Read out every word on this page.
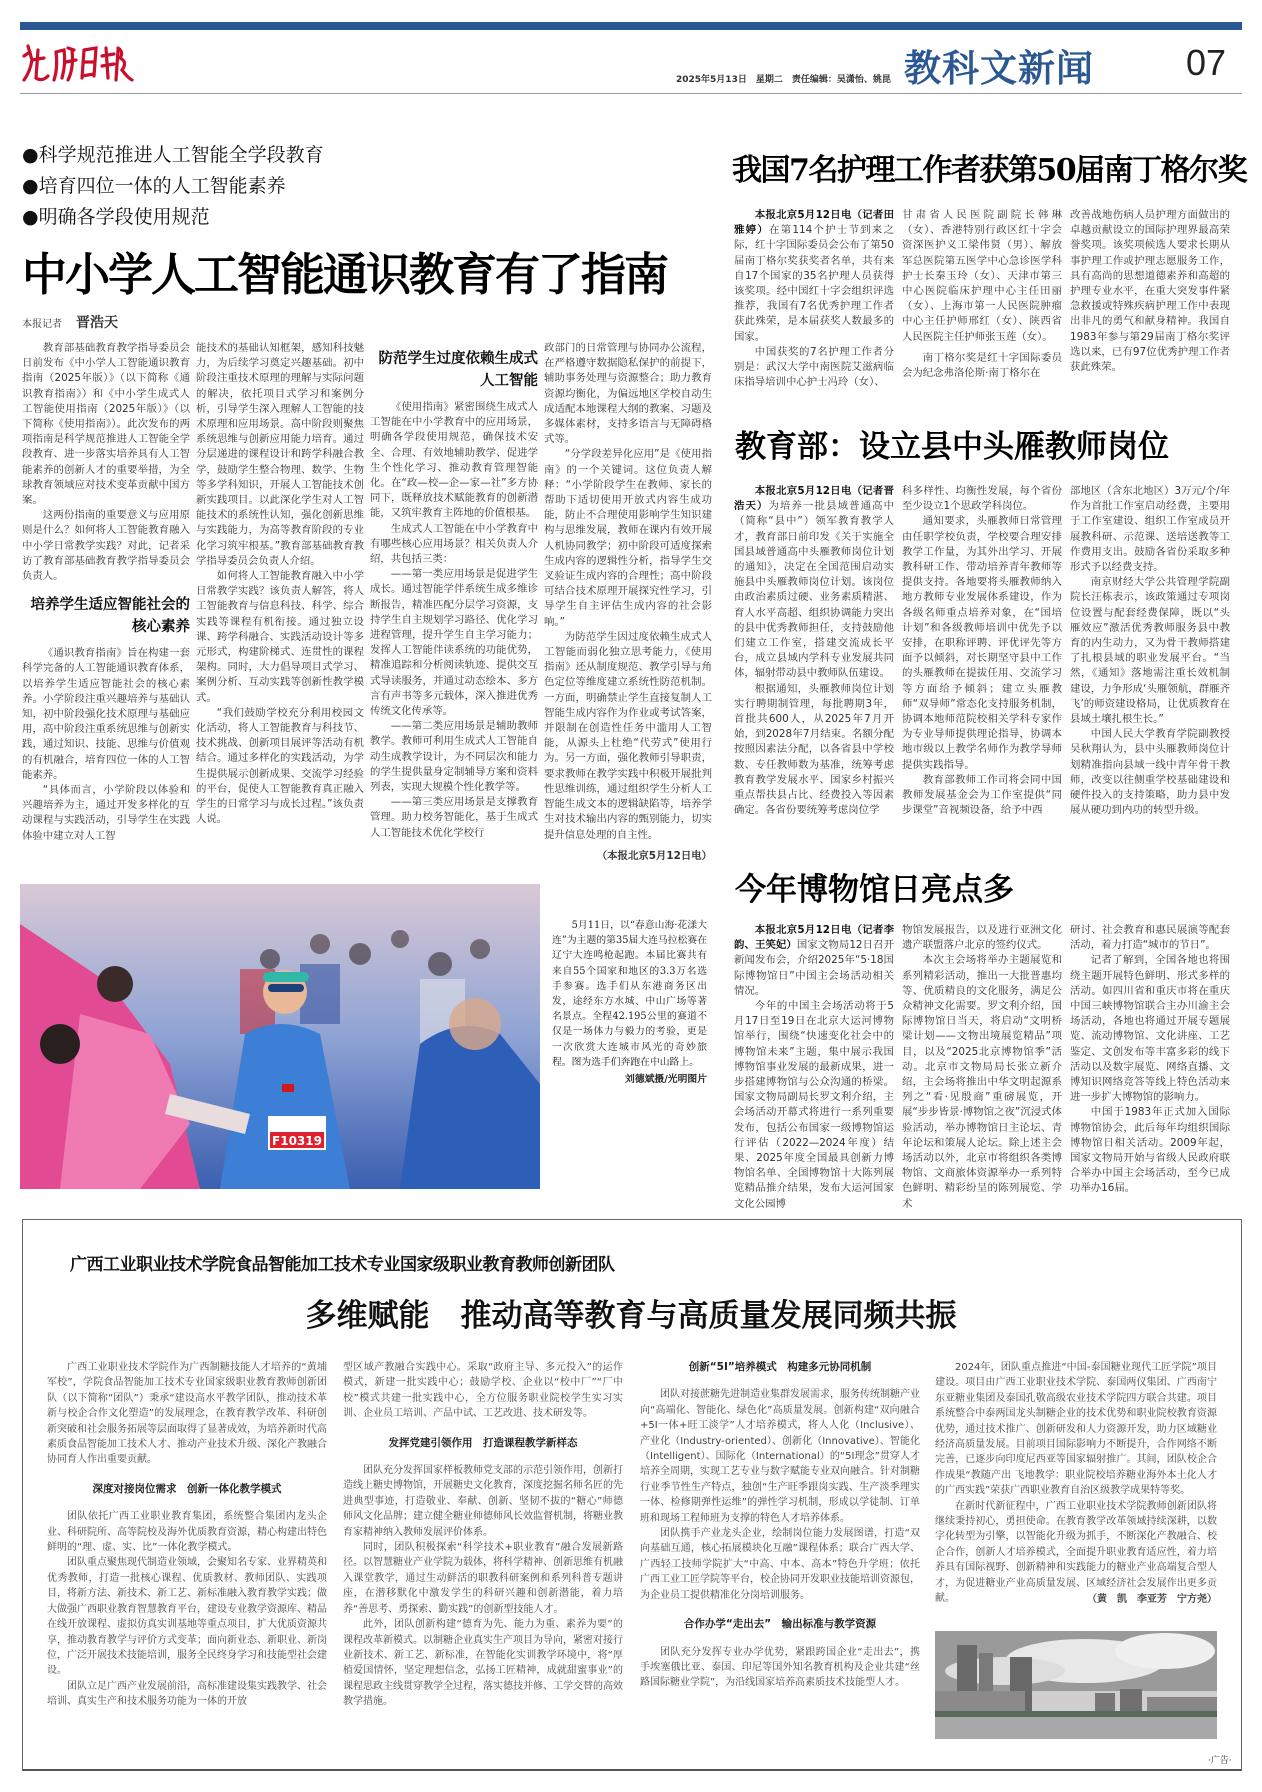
2025年5月13日　星期二　责任编辑：吴潇怡、姚昆 教科文新闻	07
●科学规范推进人工智能全学段教育
●培育四位一体的人工智能素养
●明确各学段使用规范
中小学人工智能通识教育有了指南
本报记者 晋浩天

教育部基础教育教学指导委员会日前发布《中小学人工智能通识教育指南（2025年版）》（以下简称《通识教育指南》）和《中小学生成式人工智能使用指南（2025年版）》（以下简称《使用指南》）。此次发布的两项指南是科学规范推进人工智能全学段教育、进一步落实培养具有人工智能素养的创新人才的重要举措，为全球教育领域应对技术变革贡献中国方案。

这两份指南的重要意义与应用原则是什么？如何将人工智能教育融入中小学日常教学实践？对此，记者采访了教育部基础教育教学指导委员会负责人。

培养学生适应智能社会的核心素养

《通识教育指南》旨在构建一套科学完备的人工智能通识教育体系，以培养学生适应智能社会的核心素养。小学阶段注重兴趣培养与基础认知，初中阶段强化技术原理与基础应用，高中阶段注重系统思维与创新实践，通过知识、技能、思维与价值观的有机融合，培育四位一体的人工智能素养。

“具体而言，小学阶段以体验和兴趣培养为主，通过开发多样化的互动课程与实践活动，引导学生在实践体验中建立对人工智

能技术的基础认知框架，感知科技魅力，为后续学习奠定兴趣基础。初中阶段注重技术原理的理解与实际问题的解决，依托项目式学习和案例分析，引导学生深入理解人工智能的技术原理和应用场景。高中阶段则聚焦系统思维与创新应用能力培育。通过分层递进的课程设计和跨学科融合教学，鼓励学生整合物理、数学、生物等多学科知识，开展人工智能技术创新实践项目。以此深化学生对人工智能技术的系统性认知，强化创新思维与实践能力，为高等教育阶段的专业化学习筑牢根基。”教育部基础教育教学指导委员会负责人介绍。

如何将人工智能教育融入中小学日常教学实践？该负责人解答，将人工智能教育与信息科技、科学、综合实践等课程有机衔接。通过独立设课、跨学科融合、实践活动设计等多元形式，构建阶梯式、连贯性的课程架构。同时，大力倡导项目式学习、案例分析、互动实践等创新性教学模式。

“我们鼓励学校充分利用校园文化活动，将人工智能教育与科技节、技术挑战、创新项目展评等活动有机结合。通过多样化的实践活动，为学生提供展示创新成果、交流学习经验的平台，促使人工智能教育真正融入学生的日常学习与成长过程。”该负责人说。

防范学生过度依赖生成式人工智能

《使用指南》紧密围绕生成式人工智能在中小学教育中的应用场景，明确各学段使用规范，确保技术安全、合理、有效地辅助教学、促进学生个性化学习、推动教育管理智能化。在“政—校—企—家—社”多方协同下，既释放技术赋能教育的创新潜能，又筑牢教育主阵地的价值根基。

生成式人工智能在中小学教育中有哪些核心应用场景？相关负责人介绍，共包括三类：

——第一类应用场景是促进学生成长。通过智能学伴系统生成多维诊断报告，精准匹配分层学习资源，支持学生自主规划学习路径、优化学习进程管理，提升学生自主学习能力；发挥人工智能伴读系统的功能优势，精准追踪和分析阅读轨迹、提供交互式导读服务，并通过动态绘本、多方言有声书等多元载体，深入推进优秀传统文化传承等。

——第二类应用场景是辅助教师教学。教师可利用生成式人工智能自动生成教学设计，为不同层次和能力的学生提供量身定制辅导方案和资料列表，实现大规模个性化教学等。

——第三类应用场景是支撑教育管理。助力校务智能化，基于生成式人工智能技术优化学校行

政部门的日常管理与协同办公流程，在严格遵守数据隐私保护的前提下，辅助事务处理与资源整合；助力教育资源均衡化，为偏远地区学校自动生成适配本地课程大纲的教案、习题及多媒体素材，支持多语言与无障碍格式等。

“分学段差异化应用”是《使用指南》的一个关键词。这位负责人解释：“小学阶段学生在教师、家长的帮助下适切使用开放式内容生成功能，防止不合理使用影响学生知识建构与思维发展，教师在课内有效开展人机协同教学；初中阶段可适度探索生成内容的逻辑性分析，指导学生交叉验证生成内容的合理性；高中阶段可结合技术原理开展探究性学习，引导学生自主评估生成内容的社会影响。”

为防范学生因过度依赖生成式人工智能而弱化独立思考能力，《使用指南》还从制度规范、教学引导与角色定位等维度建立系统性防范机制。一方面，明确禁止学生直接复制人工智能生成内容作为作业或考试答案，并限制在创造性任务中滥用人工智能，从源头上杜绝“代劳式”使用行为。另一方面，强化教师引导职责，要求教师在教学实践中积极开展批判性思维训练，通过组织学生分析人工智能生成文本的逻辑缺陷等，培养学生对技术输出内容的甄别能力，切实提升信息处理的自主性。

（本报北京5月12日电）
我国7名护理工作者获第50届南丁格尔奖

本报北京5月12日电（记者田雅婷）在第114个护士节到来之际，红十字国际委员会公布了第50届南丁格尔奖获奖者名单，共有来自17个国家的35名护理人员获得该奖项。经中国红十字会组织评选推荐，我国有7名优秀护理工作者获此殊荣，是本届获奖人数最多的国家。

中国获奖的7名护理工作者分别是：武汉大学中南医院艾滋病临床指导培训中心护士冯玲（女）、

甘肃省人民医院副院长韩琳（女）、香港特别行政区红十字会资深医护义工梁伟贤（男）、解放军总医院第五医学中心急诊医学科护士长秦玉玲（女）、天津市第三中心医院临床护理中心主任田丽（女）、上海市第一人民医院肿瘤中心主任护师邢红（女）、陕西省人民医院主任护师张玉莲（女）。

南丁格尔奖是红十字国际委员会为纪念弗洛伦斯·南丁格尔在

改善战地伤病人员护理方面做出的卓越贡献设立的国际护理界最高荣誉奖项。该奖项候选人要求长期从事护理工作或护理志愿服务工作，具有高尚的思想道德素养和高超的护理专业水平，在重大突发事件紧急救援或特殊疾病护理工作中表现出非凡的勇气和献身精神。我国自1983年参与第29届南丁格尔奖评选以来，已有97位优秀护理工作者获此殊荣。

教育部：设立县中头雁教师岗位

本报北京5月12日电（记者晋浩天）为培养一批县域普通高中（简称“县中”）领军教育教学人才，教育部日前印发《关于实施全国县域普通高中头雁教师岗位计划的通知》，决定在全国范围启动实施县中头雁教师岗位计划。该岗位由政治素质过硬、业务素质精湛、育人水平高超、组织协调能力突出的县中优秀教师担任，支持鼓励他们建立工作室，搭建交流成长平台，成立县域内学科专业发展共同体，辐射带动县中教师队伍建设。

根据通知，头雁教师岗位计划实行聘期制管理，每批聘期3年，首批共600人，从2025年7月开始，到2028年7月结束。名额分配按照因素法分配，以各省县中学校数、专任教师数为基准，统筹考虑教育教学发展水平、国家乡村振兴重点帮扶县占比、经费投入等因素确定。各省份要统筹考虑岗位学

科多样性、均衡性发展，每个省份至少设立1个思政学科岗位。

通知要求，头雁教师日常管理由任职学校负责，学校要合理安排教学工作量，为其外出学习、开展教科研工作、带动培养青年教师等提供支持。各地要将头雁教师纳入地方教师专业发展体系建设，作为各级名师重点培养对象，在“国培计划”和各级教师培训中优先予以安排，在职称评聘、评优评先等方面予以倾斜，对长期坚守县中工作的头雁教师在提拔任用、交流学习等方面给予倾斜；建立头雁教师“双导师”常态化支持服务机制，协调本地师范院校相关学科专家作为专业导师提供理论指导，协调本地市级以上教学名师作为教学导师提供实践指导。

教育部教师工作司将会同中国教师发展基金会为工作室提供“同步课堂”音视频设备，给予中西

部地区（含东北地区）3万元/个/年作为首批工作室启动经费，主要用于工作室建设、组织工作室成员开展教科研、示范课、送培送教等工作费用支出。鼓励各省份采取多种形式予以经费支持。

南京财经大学公共管理学院副院长汪栋表示，该政策通过专项岗位设置与配套经费保障，既以“头雁效应”激活优秀教师服务县中教育的内生动力，又为骨干教师搭建了扎根县域的职业发展平台。“当然，《通知》落地需注重长效机制建设，力争形成‘头雁领航，群雁齐飞’的师资建设格局，让优质教育在县域土壤扎根生长。”

中国人民大学教育学院副教授吴秋翔认为，县中头雁教师岗位计划精准指向县域一线中青年骨干教师，改变以往侧重学校基础建设和硬件投入的支持策略，助力县中发展从硬功到内功的转型升级。

F10319

5月11日，以“春意山海·花漾大连”为主题的第35届大连马拉松赛在辽宁大连鸣枪起跑。本届比赛共有来自55个国家和地区的3.3万名选手参赛。选手们从东港商务区出发，途经东方水城、中山广场等著名景点。全程42.195公里的赛道不仅是一场体力与毅力的考验，更是一次欣赏大连城市风光的奇妙旅程。图为选手们奔跑在中山路上。

刘德斌摄/光明图片
今年博物馆日亮点多

本报北京5月12日电（记者李韵、王笑妃）国家文物局12日召开新闻发布会，介绍2025年“5·18国际博物馆日”中国主会场活动相关情况。

今年的中国主会场活动将于5月17日至19日在北京大运河博物馆举行，围绕“快速变化社会中的博物馆未来”主题，集中展示我国博物馆事业发展的最新成果，进一步搭建博物馆与公众沟通的桥梁。国家文物局副局长罗文利介绍，主会场活动开幕式将进行一系列重要发布，包括公布国家一级博物馆运行评估（2022—2024年度）结果、2025年度全国最具创新力博物馆名单、全国博物馆十大陈列展览精品推介结果，发布大运河国家文化公园博

物馆发展报告，以及进行亚洲文化遗产联盟落户北京的签约仪式。

本次主会场将举办主题展览和系列精彩活动，推出一大批普惠均等、优质精良的文化服务，满足公众精神文化需要。罗文利介绍，国际博物馆日当天，将启动“文明桥梁计划——文物出境展览精品”项目，以及“2025北京博物馆季”活动。北京市文物局局长张立新介绍，主会场将推出中华文明起源系列之“看·见殷商”重磅展览，开展“步步皆景·博物馆之夜”沉浸式体验活动，举办博物馆日主论坛、青年论坛和策展人论坛。除上述主会场活动以外，北京市将组织各类博物馆、文商旅体资源举办一系列特色鲜明、精彩纷呈的陈列展览、学术

研讨、社会教育和惠民展演等配套活动，着力打造“城市的节日”。

记者了解到，全国各地也将围绕主题开展特色鲜明、形式多样的活动。如四川省和重庆市将在重庆中国三峡博物馆联合主办川渝主会场活动，各地也将通过开展专题展览、流动博物馆、文化讲座、工艺鉴定、文创发布等丰富多彩的线下活动以及数字展览、网络直播、文博知识网络竞答等线上特色活动来进一步扩大博物馆的影响力。

中国于1983年正式加入国际博物馆协会，此后每年均组织国际博物馆日相关活动。2009年起，国家文物局开始与省级人民政府联合举办中国主会场活动，至今已成功举办16届。

广西工业职业技术学院食品智能加工技术专业国家级职业教育教师创新团队
多维赋能　推动高等教育与高质量发展同频共振

广西工业职业技术学院作为广西制糖技能人才培养的“黄埔军校”，学院食品智能加工技术专业国家级职业教育教师创新团队（以下简称“团队”）秉承“建设高水平教学团队，推动技术革新与校企合作文化塑造”的发展理念，在教育教学改革、科研创新突破和社会服务拓展等层面取得了显著成效，为培养新时代高素质食品智能加工技术人才、推动产业技术升级、深化产教融合协同育人作出重要贡献。

深度对接岗位需求　创新一体化教学模式

团队依托广西工业职业教育集团，系统整合集团内龙头企业、科研院所、高等院校及海外优质教育资源，精心构建出特色鲜明的“理、虚、实、比”一体化教学模式。

团队重点聚焦现代制造业领域，会聚知名专家、业界精英和优秀教师，打造一批核心课程、优质教材、教师团队、实践项目，将新方法、新技术、新工艺、新标准融入教育教学实践；做大做强广西职业教育智慧教育平台，建设专业教学资源库、精品在线开放课程、虚拟仿真实训基地等重点项目，扩大优质资源共享，推动教育教学与评价方式变革；面向新业态、新职业、新岗位，广泛开展技术技能培训，服务全民终身学习和技能型社会建设。

团队立足广西产业发展前沿，高标准建设集实践教学、社会培训、真实生产和技术服务功能为一体的开放

型区域产教融合实践中心。采取“政府主导、多元投入”的运作模式，新建一批实践中心；鼓励学校、企业以“校中厂”“厂中校”模式共建一批实践中心，全方位服务职业院校学生实习实训、企业员工培训、产品中试、工艺改进、技术研发等。

发挥党建引领作用　打造课程教学新样态

团队充分发挥国家样板教师党支部的示范引领作用，创新打造线上糖史博物馆，开展糖史文化教育，深度挖掘名师名匠的先进典型事迹，打造敬业、奉献、创新、坚韧不拔的“糖心”师德师风文化品牌；建立健全糖业师德师风长效监督机制，将糖业教育家精神纳入教师发展评价体系。

同时，团队积极探索“科学技术+职业教育”融合发展新路径。以智慧糖业产业学院为载体，将科学精神、创新思维有机融入课堂教学，通过生动鲜活的职教科研案例和系列科普专题讲座，在潜移默化中激发学生的科研兴趣和创新潜能，着力培养“善思考、勇探索、勤实践”的创新型技能人才。

此外，团队创新构建“德育为先、能力为重、素养为要”的课程改革新模式。以制糖企业真实生产项目为导向，紧密对接行业新技术、新工艺、新标准，在智能化实训教学环境中，将“厚植爱国情怀，坚定理想信念，弘扬工匠精神，成就甜蜜事业”的课程思政主线贯穿教学全过程，落实德技并修、工学交替的高效教学措施。

创新“5I”培养模式　构建多元协同机制

团队对接蔗糖先进制造业集群发展需求，服务传统制糖产业向“高端化、智能化、绿色化”高质量发展。创新构建“双向融合+5I一体+旺工淡学”人才培养模式，将人人化（Inclusive）、产业化（Industry-oriented）、创新化（Innovative）、智能化（Intelligent）、国际化（International）的“5I理念”贯穿人才培养全周期，实现工艺专业与数字赋能专业双向融合。针对制糖行业季节性生产特点，独创“生产旺季跟岗实践、生产淡季理实一体、检修期弹性运维”的弹性学习机制，形成以学徒制、订单班和现场工程师班为支撑的特色人才培养体系。

团队携手产业龙头企业，绘制岗位能力发展图谱，打造“双向基础互通，核心拓展模块化互融”课程体系；联合广西大学、广西轻工技师学院扩大“中高、中本、高本”特色升学班；依托广西工业工匠学院等平台，校企协同开发职业技能培训资源包，为企业员工提供精准化分岗培训服务。

合作办学“走出去”　输出标准与教学资源

团队充分发挥专业办学优势，紧跟跨国企业“走出去”，携手埃塞俄比亚、泰国、印尼等国外知名教育机构及企业共建“丝路国际糖业学院”，为沿线国家培养高素质技术技能型人才。

2024年，团队重点推进“中国-泰国糖业现代工匠学院”项目建设。项目由广西工业职业技术学院、泰国两仪集团、广西南宁东亚糖业集团及泰国孔敬高级农业技术学院四方联合共建。项目系统整合中泰两国龙头制糖企业的技术优势和职业院校教育资源优势，通过技术推广、创新研发和人力资源开发，助力区域糖业经济高质量发展。目前项目国际影响力不断提升，合作网络不断完善，已逐步向印度尼西亚等国家辐射推广。其间，团队校企合作成果“教随产出 飞地教学：职业院校培养糖业海外本土化人才的广西实践”荣获广西职业教育自治区级教学成果特等奖。

在新时代新征程中，广西工业职业技术学院教师创新团队将继续秉持初心，勇担使命。在教育教学改革领域持续深耕，以数字化转型为引擎，以智能化升级为抓手，不断深化产教融合、校企合作，创新人才培养模式，全面提升职业教育适应性，着力培养具有国际视野、创新精神和实践能力的糖业产业高端复合型人才，为促进糖业产业高质量发展、区域经济社会发展作出更多贡献。	（黄　凯　李亚芳　宁方尧）
·广告·
